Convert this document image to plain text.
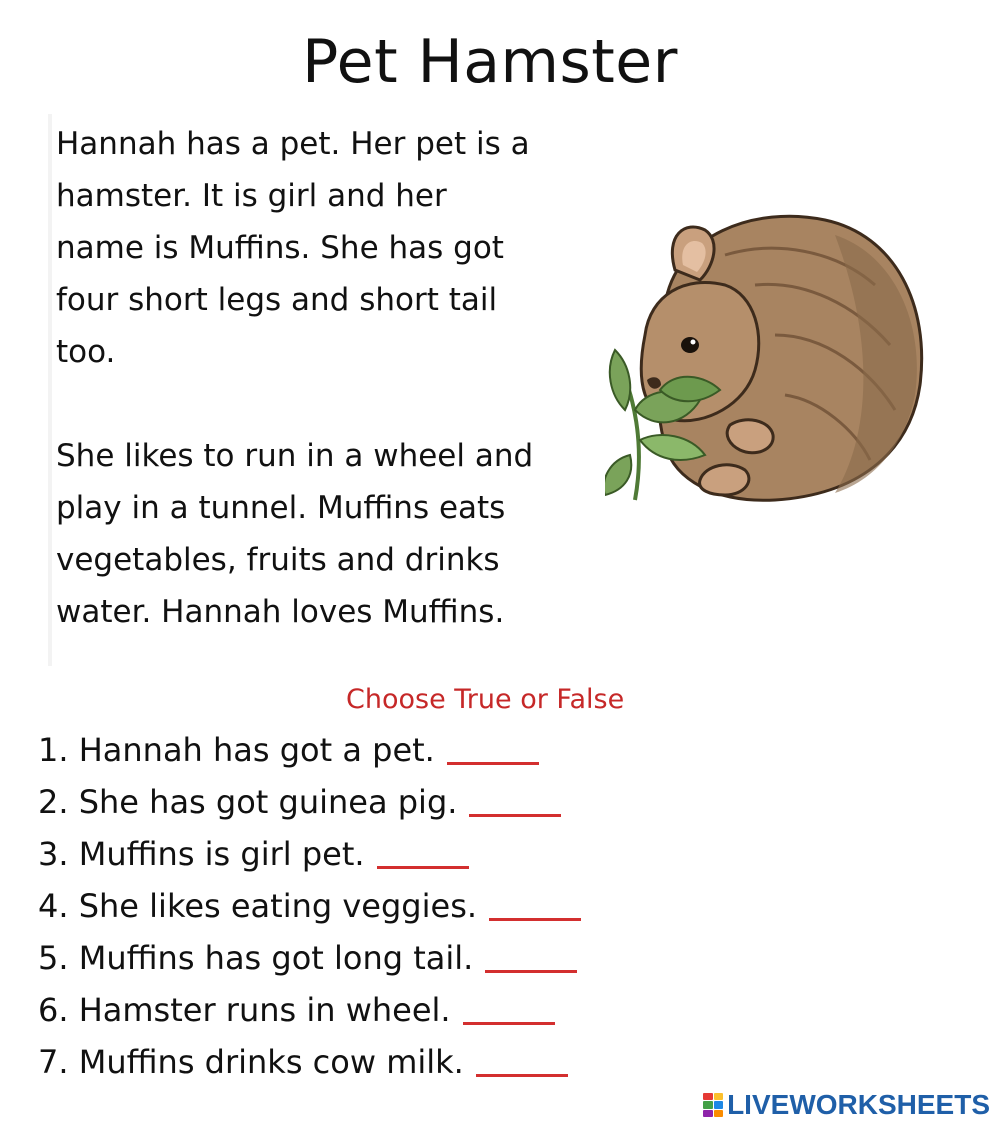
Pet Hamster
Hannah has a pet. Her pet is a
hamster. It is girl and her
name is Muffins. She has got
four short legs and short tail
too.
She likes to run in a wheel and
play in a tunnel. Muffins eats
vegetables, fruits and drinks
water. Hannah loves Muffins.
Choose True or False
1. Hannah has got a pet.
2. She has got guinea pig.
3. Muffins is girl pet.
4. She likes eating veggies.
5. Muffins has got long tail.
6. Hamster runs in wheel.
7. Muffins drinks cow milk.
LIVEWORKSHEETS
